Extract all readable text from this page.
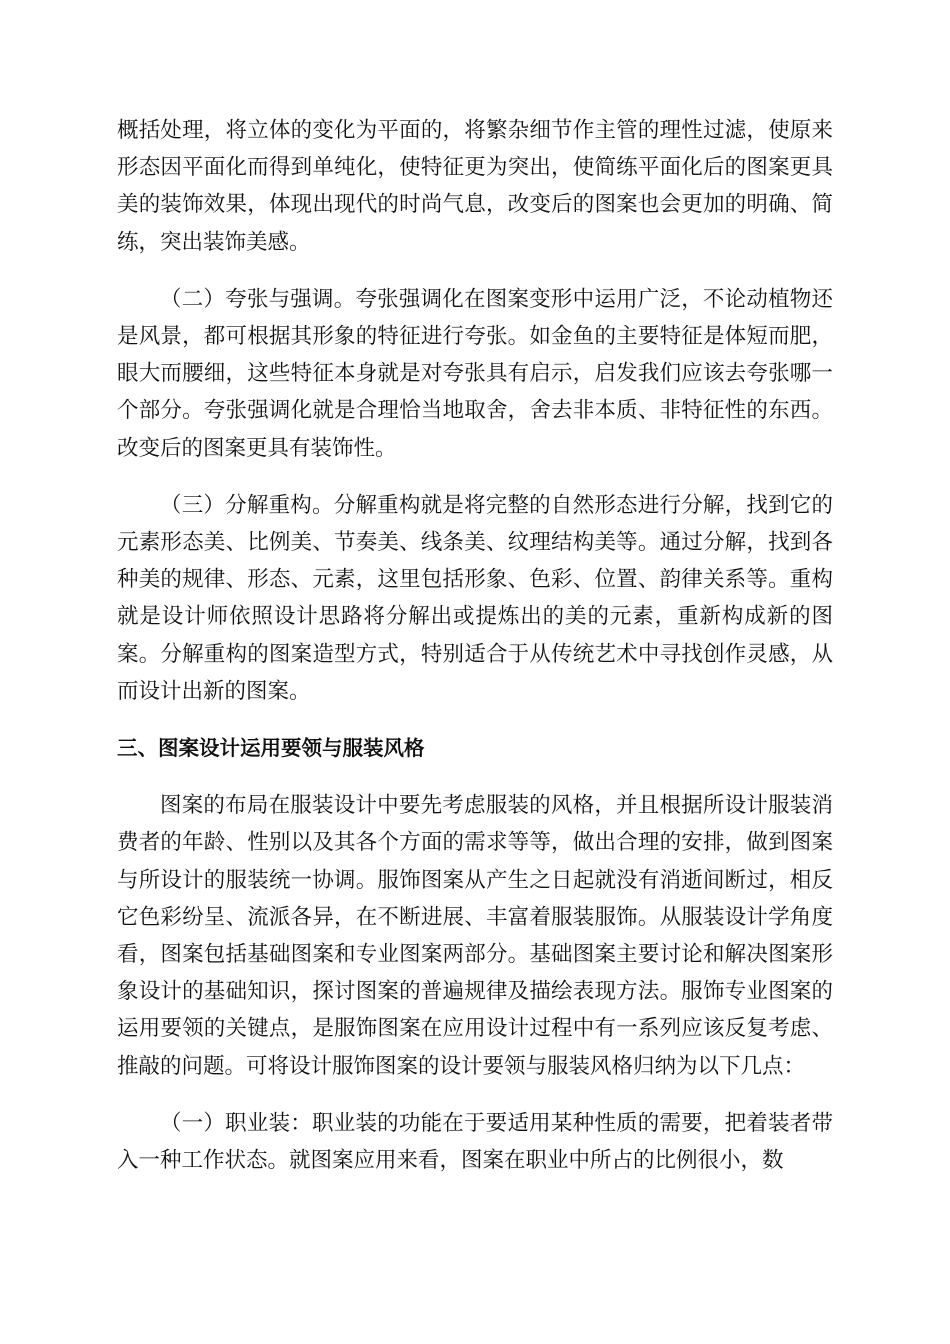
概括处理，将立体的变化为平面的，将繁杂细节作主管的理性过滤，使原来形态因平面化而得到单纯化，使特征更为突出，使简练平面化后的图案更具美的装饰效果，体现出现代的时尚气息，改变后的图案也会更加的明确、简练，突出装饰美感。

（二）夸张与强调。夸张强调化在图案变形中运用广泛，不论动植物还是风景，都可根据其形象的特征进行夸张。如金鱼的主要特征是体短而肥，眼大而腰细，这些特征本身就是对夸张具有启示，启发我们应该去夸张哪一个部分。夸张强调化就是合理恰当地取舍，舍去非本质、非特征性的东西。改变后的图案更具有装饰性。

（三）分解重构。分解重构就是将完整的自然形态进行分解，找到它的元素形态美、比例美、节奏美、线条美、纹理结构美等。通过分解，找到各种美的规律、形态、元素，这里包括形象、色彩、位置、韵律关系等。重构就是设计师依照设计思路将分解出或提炼出的美的元素，重新构成新的图案。分解重构的图案造型方式，特别适合于从传统艺术中寻找创作灵感，从而设计出新的图案。

三、图案设计运用要领与服装风格

图案的布局在服装设计中要先考虑服装的风格，并且根据所设计服装消费者的年龄、性别以及其各个方面的需求等等，做出合理的安排，做到图案与所设计的服装统一协调。服饰图案从产生之日起就没有消逝间断过，相反它色彩纷呈、流派各异，在不断进展、丰富着服装服饰。从服装设计学角度看，图案包括基础图案和专业图案两部分。基础图案主要讨论和解决图案形象设计的基础知识，探讨图案的普遍规律及描绘表现方法。服饰专业图案的运用要领的关键点，是服饰图案在应用设计过程中有一系列应该反复考虑、推敲的问题。可将设计服饰图案的设计要领与服装风格归纳为以下几点：

（一）职业装：职业装的功能在于要适用某种性质的需要，把着装者带入一种工作状态。就图案应用来看，图案在职业中所占的比例很小，数
